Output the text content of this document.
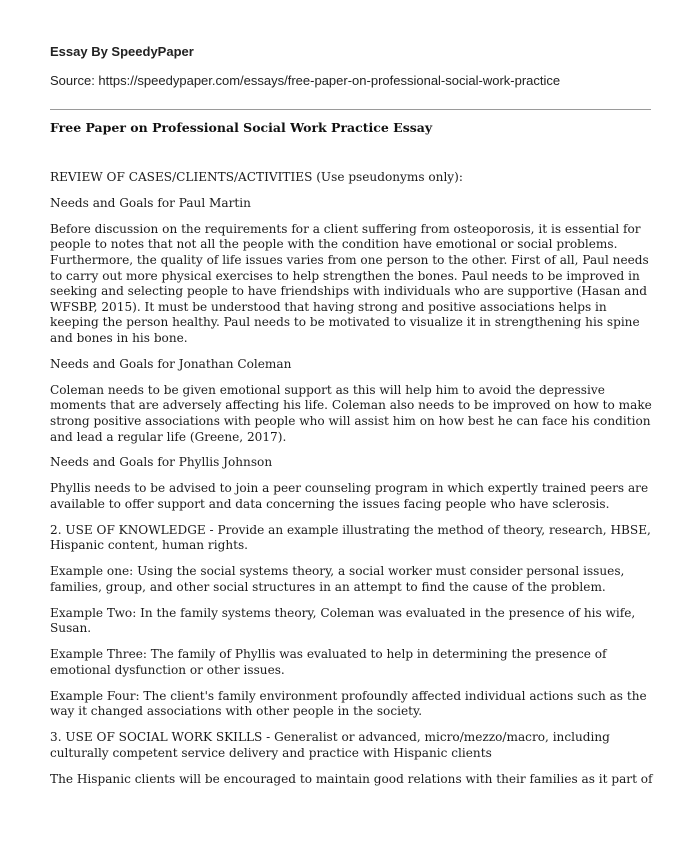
Essay By SpeedyPaper
Source: https://speedypaper.com/essays/free-paper-on-professional-social-work-practice
Free Paper on Professional Social Work Practice Essay

REVIEW OF CASES/CLIENTS/ACTIVITIES (Use pseudonyms only):

Needs and Goals for Paul Martin

Before discussion on the requirements for a client suffering from osteoporosis, it is essential for people to notes that not all the people with the condition have emotional or social problems. Furthermore, the quality of life issues varies from one person to the other. First of all, Paul needs to carry out more physical exercises to help strengthen the bones. Paul needs to be improved in seeking and selecting people to have friendships with individuals who are supportive (Hasan and WFSBP, 2015). It must be understood that having strong and positive associations helps in keeping the person healthy. Paul needs to be motivated to visualize it in strengthening his spine and bones in his bone.

Needs and Goals for Jonathan Coleman

Coleman needs to be given emotional support as this will help him to avoid the depressive moments that are adversely affecting his life. Coleman also needs to be improved on how to make strong positive associations with people who will assist him on how best he can face his condition and lead a regular life (Greene, 2017).

Needs and Goals for Phyllis Johnson

Phyllis needs to be advised to join a peer counseling program in which expertly trained peers are available to offer support and data concerning the issues facing people who have sclerosis.

2. USE OF KNOWLEDGE - Provide an example illustrating the method of theory, research, HBSE, Hispanic content, human rights.

Example one: Using the social systems theory, a social worker must consider personal issues, families, group, and other social structures in an attempt to find the cause of the problem.

Example Two: In the family systems theory, Coleman was evaluated in the presence of his wife, Susan.

Example Three: The family of Phyllis was evaluated to help in determining the presence of emotional dysfunction or other issues.

Example Four: The client's family environment profoundly affected individual actions such as the way it changed associations with other people in the society.

3. USE OF SOCIAL WORK SKILLS - Generalist or advanced, micro/mezzo/macro, including culturally competent service delivery and practice with Hispanic clients

The Hispanic clients will be encouraged to maintain good relations with their families as it part of
